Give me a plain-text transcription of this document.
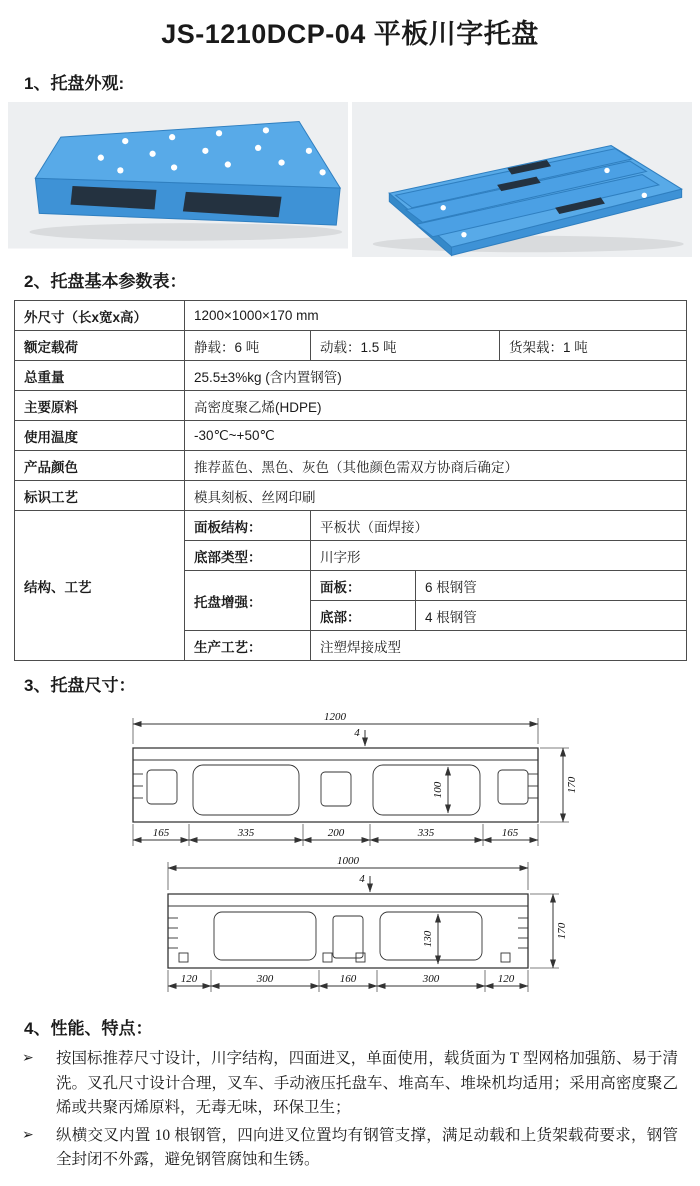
JS-1210DCP-04 平板川字托盘
1、托盘外观:
2、托盘基本参数表：
外尺寸（长x宽x高）	1200×1000×170 mm			
额定载荷	静载：6 吨	动载：1.5 吨		货架载：1 吨
总重量	25.5±3%kg (含内置钢管)			
主要原料	高密度聚乙烯(HDPE)			
使用温度	-30℃~+50℃			
产品颜色	推荐蓝色、黑色、灰色（其他颜色需双方协商后确定）			
标识工艺	模具刻板、丝网印刷			
结构、工艺	面板结构：	平板状（面焊接）		
	底部类型：	川字形		
	托盘增强：	面板：	6 根钢管	
		底部：	4 根钢管	
	生产工艺：	注塑焊接成型		
3、托盘尺寸：
1200
4
170
100
165	335	200	335	165
1000
4
170
130
120	300	160	300	120
4、性能、特点：
➢	按国标推荐尺寸设计，川字结构，四面进叉，单面使用，载货面为 T 型网格加强筋、易于清洗。叉孔尺寸设计合理，叉车、手动液压托盘车、堆高车、堆垛机均适用；采用高密度聚乙烯或共聚丙烯原料，无毒无味，环保卫生；
➢	纵横交叉内置 10 根钢管，四向进叉位置均有钢管支撑，满足动载和上货架载荷要求，钢管全封闭不外露，避免钢管腐蚀和生锈。
